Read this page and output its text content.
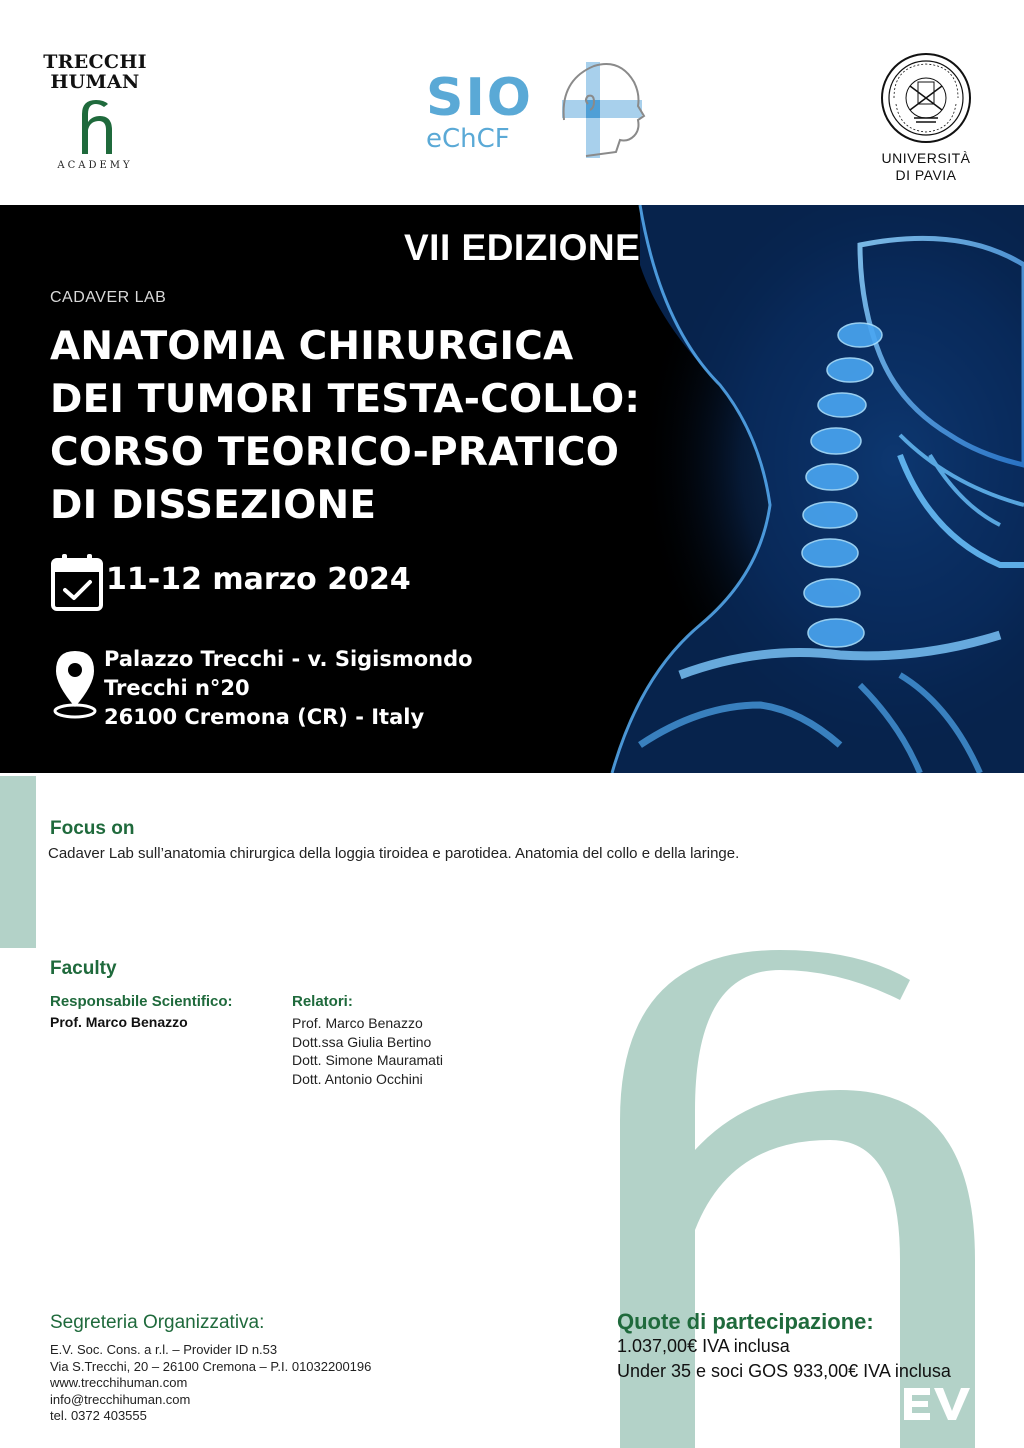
TRECCHI
HUMAN
ACADEMY
SIO
eChCF
UNIVERSITÀ
DI PAVIA
VII EDIZIONE
CADAVER LAB
ANATOMIA CHIRURGICA
DEI TUMORI TESTA-COLLO:
CORSO TEORICO-PRATICO
DI DISSEZIONE
11-12 marzo 2024
Palazzo Trecchi - v. Sigismondo
Trecchi n°20
26100 Cremona (CR) - Italy
Focus on
Cadaver Lab sull’anatomia chirurgica della loggia tiroidea e parotidea. Anatomia del collo e della laringe.
Faculty
Responsabile Scientifico:
Prof. Marco Benazzo
Relatori:
Prof. Marco Benazzo
Dott.ssa Giulia Bertino
Dott. Simone Mauramati
Dott. Antonio Occhini
Segreteria Organizzativa:
E.V. Soc. Cons. a r.l. – Provider ID n.53
Via S.Trecchi, 20 – 26100 Cremona – P.I. 01032200196
www.trecchihuman.com
info@trecchihuman.com
tel. 0372 403555
Quote di partecipazione:
1.037,00€ IVA inclusa
Under 35 e soci GOS 933,00€ IVA inclusa
